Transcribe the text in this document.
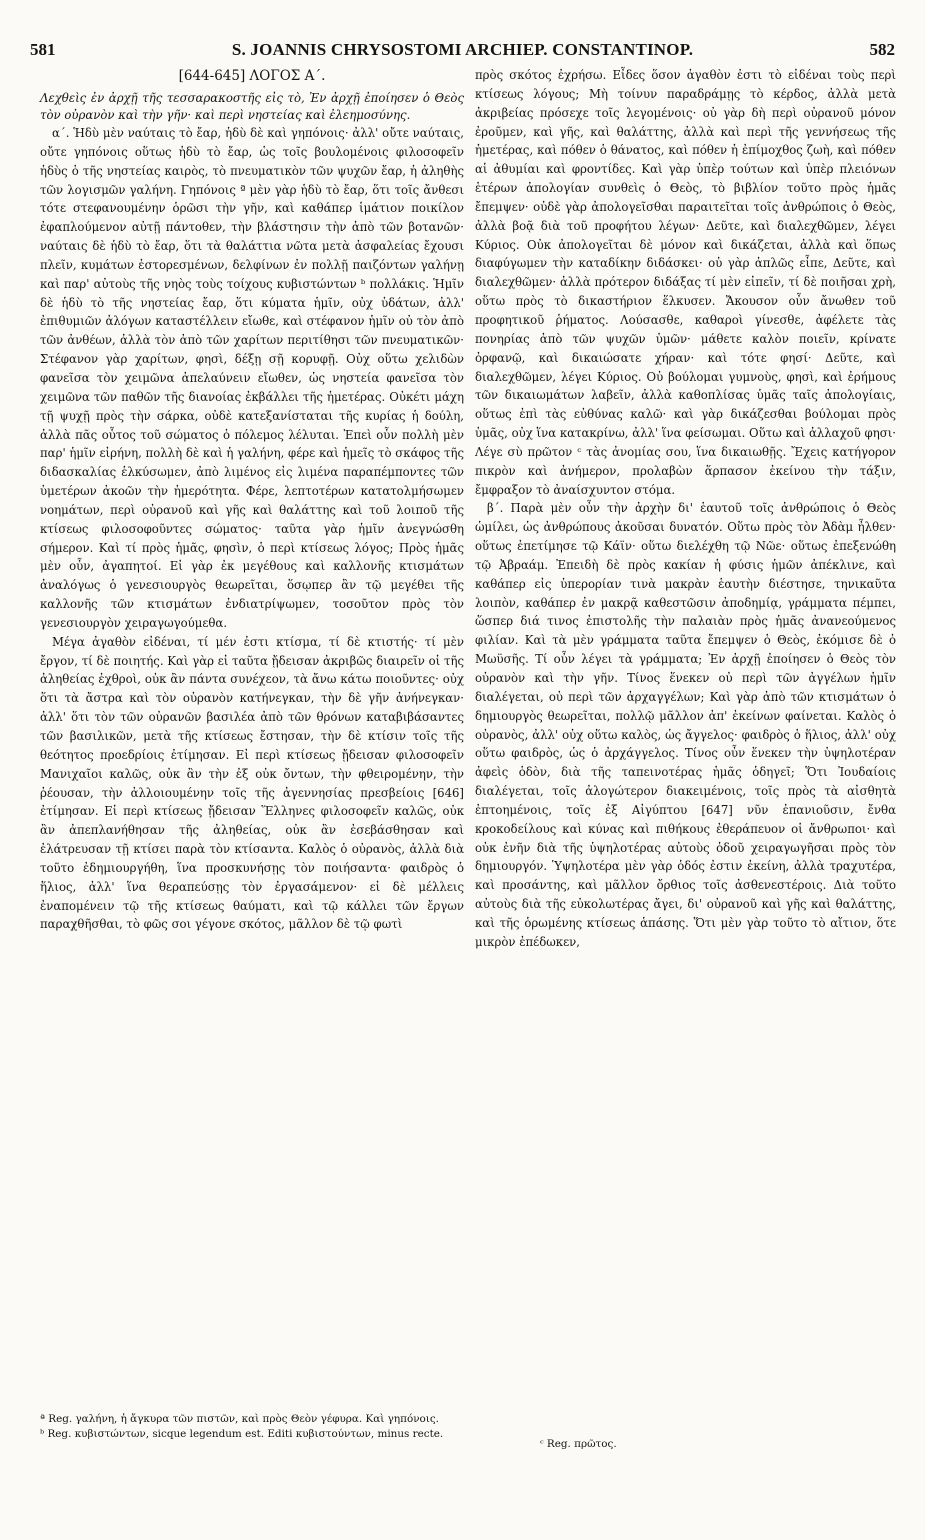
581	S. JOANNIS CHRYSOSTOMI ARCHIEP. CONSTANTINOP.	582
[644-645] ΛΟΓΟΣ Α΄.

Λεχθεὶς ἐν ἀρχῇ τῆς τεσσαρακοστῆς εἰς τὸ, Ἐν ἀρχῇ ἐποίησεν ὁ Θεὸς τὸν οὐρανὸν καὶ τὴν γῆν· καὶ περὶ νηστείας καὶ ἐλεημοσύνης.

α΄. Ἡδὺ μὲν ναύταις τὸ ἔαρ, ἡδὺ δὲ καὶ γηπόνοις· ἀλλ' οὔτε ναύταις, οὔτε γηπόνοις οὕτως ἡδὺ τὸ ἔαρ, ὡς τοῖς βουλομένοις φιλοσοφεῖν ἡδὺς ὁ τῆς νηστείας καιρὸς, τὸ πνευματικὸν τῶν ψυχῶν ἔαρ, ἡ ἀληθὴς τῶν λογισμῶν γαλήνη. Γηπόνοις ª μὲν γὰρ ἡδὺ τὸ ἔαρ, ὅτι τοῖς ἄνθεσι τότε στεφανουμένην ὁρῶσι τὴν γῆν, καὶ καθάπερ ἱμάτιον ποικίλον ἐφαπλούμενον αὐτῇ πάντοθεν, τὴν βλάστησιν τὴν ἀπὸ τῶν βοτανῶν· ναύταις δὲ ἡδὺ τὸ ἔαρ, ὅτι τὰ θαλάττια νῶτα μετὰ ἀσφαλείας ἔχουσι πλεῖν, κυμάτων ἐστορεσμένων, δελφίνων ἐν πολλῇ παιζόντων γαλήνῃ καὶ παρ' αὐτοὺς τῆς νηὸς τοὺς τοίχους κυβιστώντων ᵇ πολλάκις. Ἡμῖν δὲ ἡδὺ τὸ τῆς νηστείας ἔαρ, ὅτι κύματα ἡμῖν, οὐχ ὑδάτων, ἀλλ' ἐπιθυμιῶν ἀλόγων καταστέλλειν εἴωθε, καὶ στέφανον ἡμῖν οὐ τὸν ἀπὸ τῶν ἀνθέων, ἀλλὰ τὸν ἀπὸ τῶν χαρίτων περιτίθησι τῶν πνευματικῶν· Στέφανον γὰρ χαρίτων, φησὶ, δέξῃ σῇ κορυφῇ. Οὐχ οὕτω χελιδὼν φανεῖσα τὸν χειμῶνα ἀπελαύνειν εἴωθεν, ὡς νηστεία φανεῖσα τὸν χειμῶνα τῶν παθῶν τῆς διανοίας ἐκβάλλει τῆς ἡμετέρας. Οὐκέτι μάχη τῇ ψυχῇ πρὸς τὴν σάρκα, οὐδὲ κατεξανίσταται τῆς κυρίας ἡ δούλη, ἀλλὰ πᾶς οὗτος τοῦ σώματος ὁ πόλεμος λέλυται. Ἐπεὶ οὖν πολλὴ μὲν παρ' ἡμῖν εἰρήνη, πολλὴ δὲ καὶ ἡ γαλήνη, φέρε καὶ ἡμεῖς τὸ σκάφος τῆς διδασκαλίας ἑλκύσωμεν, ἀπὸ λιμένος εἰς λιμένα παραπέμποντες τῶν ὑμετέρων ἀκοῶν τὴν ἡμερότητα. Φέρε, λεπτοτέρων κατατολμήσωμεν νοημάτων, περὶ οὐρανοῦ καὶ γῆς καὶ θαλάττης καὶ τοῦ λοιποῦ τῆς κτίσεως φιλοσοφοῦντες σώματος· ταῦτα γὰρ ἡμῖν ἀνεγνώσθη σήμερον. Καὶ τί πρὸς ἡμᾶς, φησὶν, ὁ περὶ κτίσεως λόγος; Πρὸς ἡμᾶς μὲν οὖν, ἀγαπητοί. Εἰ γὰρ ἐκ μεγέθους καὶ καλλονῆς κτισμάτων ἀναλόγως ὁ γενεσιουργὸς θεωρεῖται, ὅσῳπερ ἂν τῷ μεγέθει τῆς καλλονῆς τῶν κτισμάτων ἐνδιατρίψωμεν, τοσοῦτον πρὸς τὸν γενεσιουργὸν χειραγωγούμεθα.

Μέγα ἀγαθὸν εἰδέναι, τί μέν ἐστι κτίσμα, τί δὲ κτιστής· τί μὲν ἔργον, τί δὲ ποιητής. Καὶ γὰρ εἰ ταῦτα ᾔδεισαν ἀκριβῶς διαιρεῖν οἱ τῆς ἀληθείας ἐχθροὶ, οὐκ ἂν πάντα συνέχεον, τὰ ἄνω κάτω ποιοῦντες· οὐχ ὅτι τὰ ἄστρα καὶ τὸν οὐρανὸν κατήνεγκαν, τὴν δὲ γῆν ἀνήνεγκαν· ἀλλ' ὅτι τὸν τῶν οὐρανῶν βασιλέα ἀπὸ τῶν θρόνων καταβιβάσαντες τῶν βασιλικῶν, μετὰ τῆς κτίσεως ἔστησαν, τὴν δὲ κτίσιν τοῖς τῆς θεότητος προεδρίοις ἐτίμησαν. Εἰ περὶ κτίσεως ᾔδεισαν φιλοσοφεῖν Μανιχαῖοι καλῶς, οὐκ ἂν τὴν ἐξ οὐκ ὄντων, τὴν φθειρομένην, τὴν ῥέουσαν, τὴν ἀλλοιουμένην τοῖς τῆς ἀγεννησίας πρεσβείοις [646] ἐτίμησαν. Εἰ περὶ κτίσεως ᾔδεισαν Ἕλληνες φιλοσοφεῖν καλῶς, οὐκ ἂν ἀπεπλανήθησαν τῆς ἀληθείας, οὐκ ἂν ἐσεβάσθησαν καὶ ἐλάτρευσαν τῇ κτίσει παρὰ τὸν κτίσαντα. Καλὸς ὁ οὐρανὸς, ἀλλὰ διὰ τοῦτο ἐδημιουργήθη, ἵνα προσκυνήσῃς τὸν ποιήσαντα· φαιδρὸς ὁ ἥλιος, ἀλλ' ἵνα θεραπεύσῃς τὸν ἐργασάμενον· εἰ δὲ μέλλεις ἐναπομένειν τῷ τῆς κτίσεως θαύματι, καὶ τῷ κάλλει τῶν ἔργων παραχθῆσθαι, τὸ φῶς σοι γέγονε σκότος, μᾶλλον δὲ τῷ φωτὶ

πρὸς σκότος ἐχρήσω. Εἶδες ὅσον ἀγαθὸν ἐστι τὸ εἰδέναι τοὺς περὶ κτίσεως λόγους; Μὴ τοίνυν παραδράμῃς τὸ κέρδος, ἀλλὰ μετὰ ἀκριβείας πρόσεχε τοῖς λεγομένοις· οὐ γὰρ δὴ περὶ οὐρανοῦ μόνον ἐροῦμεν, καὶ γῆς, καὶ θαλάττης, ἀλλὰ καὶ περὶ τῆς γεννήσεως τῆς ἡμετέρας, καὶ πόθεν ὁ θάνατος, καὶ πόθεν ἡ ἐπίμοχθος ζωὴ, καὶ πόθεν αἱ ἀθυμίαι καὶ φροντίδες. Καὶ γὰρ ὑπὲρ τούτων καὶ ὑπὲρ πλειόνων ἑτέρων ἀπολογίαν συνθεὶς ὁ Θεὸς, τὸ βιβλίον τοῦτο πρὸς ἡμᾶς ἔπεμψεν· οὐδὲ γὰρ ἀπολογεῖσθαι παραιτεῖται τοῖς ἀνθρώποις ὁ Θεὸς, ἀλλὰ βοᾷ διὰ τοῦ προφήτου λέγων· Δεῦτε, καὶ διαλεχθῶμεν, λέγει Κύριος. Οὐκ ἀπολογεῖται δὲ μόνον καὶ δικάζεται, ἀλλὰ καὶ ὅπως διαφύγωμεν τὴν καταδίκην διδάσκει· οὐ γὰρ ἁπλῶς εἶπε, Δεῦτε, καὶ διαλεχθῶμεν· ἀλλὰ πρότερον διδάξας τί μὲν εἰπεῖν, τί δὲ ποιῆσαι χρὴ, οὕτω πρὸς τὸ δικαστήριον ἕλκυσεν. Ἄκουσον οὖν ἄνωθεν τοῦ προφητικοῦ ῥήματος. Λούσασθε, καθαροὶ γίνεσθε, ἀφέλετε τὰς πονηρίας ἀπὸ τῶν ψυχῶν ὑμῶν· μάθετε καλὸν ποιεῖν, κρίνατε ὀρφανῷ, καὶ δικαιώσατε χήραν· καὶ τότε φησί· Δεῦτε, καὶ διαλεχθῶμεν, λέγει Κύριος. Οὐ βούλομαι γυμνοὺς, φησὶ, καὶ ἐρήμους τῶν δικαιωμάτων λαβεῖν, ἀλλὰ καθοπλίσας ὑμᾶς ταῖς ἀπολογίαις, οὕτως ἐπὶ τὰς εὐθύνας καλῶ· καὶ γὰρ δικάζεσθαι βούλομαι πρὸς ὑμᾶς, οὐχ ἵνα κατακρίνω, ἀλλ' ἵνα φείσωμαι. Οὕτω καὶ ἀλλαχοῦ φησι· Λέγε σὺ πρῶτον ᶜ τὰς ἀνομίας σου, ἵνα δικαιωθῇς. Ἔχεις κατήγορον πικρὸν καὶ ἀνήμερον, προλαβὼν ἅρπασον ἐκείνου τὴν τάξιν, ἔμφραξον τὸ ἀναίσχυντον στόμα.

β΄. Παρὰ μὲν οὖν τὴν ἀρχὴν δι' ἑαυτοῦ τοῖς ἀνθρώποις ὁ Θεὸς ὡμίλει, ὡς ἀνθρώπους ἀκοῦσαι δυνατόν. Οὕτω πρὸς τὸν Ἀδὰμ ἦλθεν· οὕτως ἐπετίμησε τῷ Κάϊν· οὕτω διελέχθη τῷ Νῶε· οὕτως ἐπεξενώθη τῷ Ἀβραάμ. Ἐπειδὴ δὲ πρὸς κακίαν ἡ φύσις ἡμῶν ἀπέκλινε, καὶ καθάπερ εἰς ὑπερορίαν τινὰ μακρὰν ἑαυτὴν διέστησε, τηνικαῦτα λοιπὸν, καθάπερ ἐν μακρᾷ καθεστῶσιν ἀποδημίᾳ, γράμματα πέμπει, ὥσπερ διά τινος ἐπιστολῆς τὴν παλαιὰν πρὸς ἡμᾶς ἀνανεούμενος φιλίαν. Καὶ τὰ μὲν γράμματα ταῦτα ἔπεμψεν ὁ Θεὸς, ἐκόμισε δὲ ὁ Μωϋσῆς. Τί οὖν λέγει τὰ γράμματα; Ἐν ἀρχῇ ἐποίησεν ὁ Θεὸς τὸν οὐρανὸν καὶ τὴν γῆν. Τίνος ἕνεκεν οὐ περὶ τῶν ἀγγέλων ἡμῖν διαλέγεται, οὐ περὶ τῶν ἀρχαγγέλων; Καὶ γὰρ ἀπὸ τῶν κτισμάτων ὁ δημιουργὸς θεωρεῖται, πολλῷ μᾶλλον ἀπ' ἐκείνων φαίνεται. Καλὸς ὁ οὐρανὸς, ἀλλ' οὐχ οὕτω καλὸς, ὡς ἄγγελος· φαιδρὸς ὁ ἥλιος, ἀλλ' οὐχ οὕτω φαιδρὸς, ὡς ὁ ἀρχάγγελος. Τίνος οὖν ἕνεκεν τὴν ὑψηλοτέραν ἀφεὶς ὁδὸν, διὰ τῆς ταπεινοτέρας ἡμᾶς ὁδηγεῖ; Ὅτι Ἰουδαίοις διαλέγεται, τοῖς ἀλογώτερον διακειμένοις, τοῖς πρὸς τὰ αἰσθητὰ ἐπτοημένοις, τοῖς ἐξ Αἰγύπτου [647] νῦν ἐπανιοῦσιν, ἔνθα κροκοδείλους καὶ κύνας καὶ πιθήκους ἐθεράπευον οἱ ἄνθρωποι· καὶ οὐκ ἐνῆν διὰ τῆς ὑψηλοτέρας αὐτοὺς ὁδοῦ χειραγωγῆσαι πρὸς τὸν δημιουργόν. Ὑψηλοτέρα μὲν γὰρ ὁδός ἐστιν ἐκείνη, ἀλλὰ τραχυτέρα, καὶ προσάντης, καὶ μᾶλλον ὄρθιος τοῖς ἀσθενεστέροις. Διὰ τοῦτο αὐτοὺς διὰ τῆς εὐκολωτέρας ἄγει, δι' οὐρανοῦ καὶ γῆς καὶ θαλάττης, καὶ τῆς ὁρωμένης κτίσεως ἁπάσης. Ὅτι μὲν γὰρ τοῦτο τὸ αἴτιον, ὅτε μικρὸν ἐπέδωκεν,

ª Reg. γαλήνη, ἡ ἄγκυρα τῶν πιστῶν, καὶ πρὸς Θεὸν γέφυρα. Καὶ γηπόνοις.

ᵇ Reg. κυβιστώντων, sicque legendum est. Editi κυβιστούντων, minus recte.

ᶜ Reg. πρῶτος.
